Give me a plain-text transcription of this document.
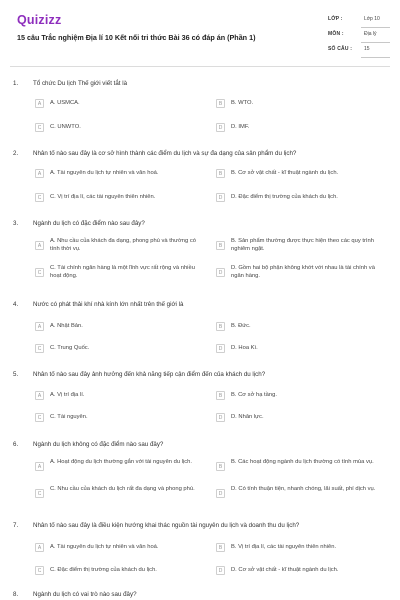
Quizizz
15 câu Trắc nghiệm Địa lí 10 Kết nối tri thức Bài 36 có đáp án (Phần 1)
LỚP :	Lớp 10
MÔN :	Địa lý
SỐ CÂU : 15
1. Tổ chức Du lịch Thế giới viết tắt là
A	A. USMCA.	B	B. WTO.
C	C. UNWTO.	D	D. IMF.
2. Nhân tố nào sau đây là cơ sở hình thành các điểm du lịch và sự đa dạng của sản phẩm du lịch?
A	A. Tài nguyên du lịch tự nhiên và văn hoá.	B	B. Cơ sở vật chất - kĩ thuật ngành du lịch.
C	C. Vị trí địa lí, các tài nguyên thiên nhiên.	D	D. Đặc điểm thị trường của khách du lịch.
3. Ngành du lịch có đặc điểm nào sau đây?
A
A. Nhu cầu của khách đa dạng, phong phú và thường có tính thời vụ.	B
B. Sản phẩm thường được thực hiện theo các quy trình nghiêm ngặt.
C
C. Tài chính ngân hàng là một lĩnh vực rất rộng và nhiều hoạt động.	D
D. Gồm hai bộ phận không khớt với nhau là tài chính và ngân hàng.
4. Nước có phát thải khí nhà kính lớn nhất trên thế giới là
A	A. Nhật Bản.	B	B. Đức.
C	C. Trung Quốc.	D	D. Hoa Kì.
5. Nhân tố nào sau đây ảnh hưởng đến khả năng tiếp cận điểm đến của khách du lịch?
A	A. Vị trí địa lí.	B	B. Cơ sở hạ tầng.
C	C. Tài nguyên.	D	D. Nhân lực.
6. Ngành du lịch không có đặc điểm nào sau đây?
A
A. Hoạt động du lịch thường gắn với tài nguyên du lịch.
B
B. Các hoạt động ngành du lịch thường có tính mùa vụ.
C
C. Nhu cầu của khách du lịch rất đa dạng và phong phú.
D
D. Có tính thuận tiện, nhanh chóng, lãi suất, phí dịch vụ.
7. Nhân tố nào sau đây là điều kiện hướng khai thác nguồn tài nguyên du lịch và doanh thu du lịch?
A	A. Tài nguyên du lịch tự nhiên và văn hoá.	B	B. Vị trí địa lí, các tài nguyên thiên nhiên.
C	C. Đặc điểm thị trường của khách du lịch.	D	D. Cơ sở vật chất - kĩ thuật ngành du lịch.
8. Ngành du lịch có vai trò nào sau đây?
